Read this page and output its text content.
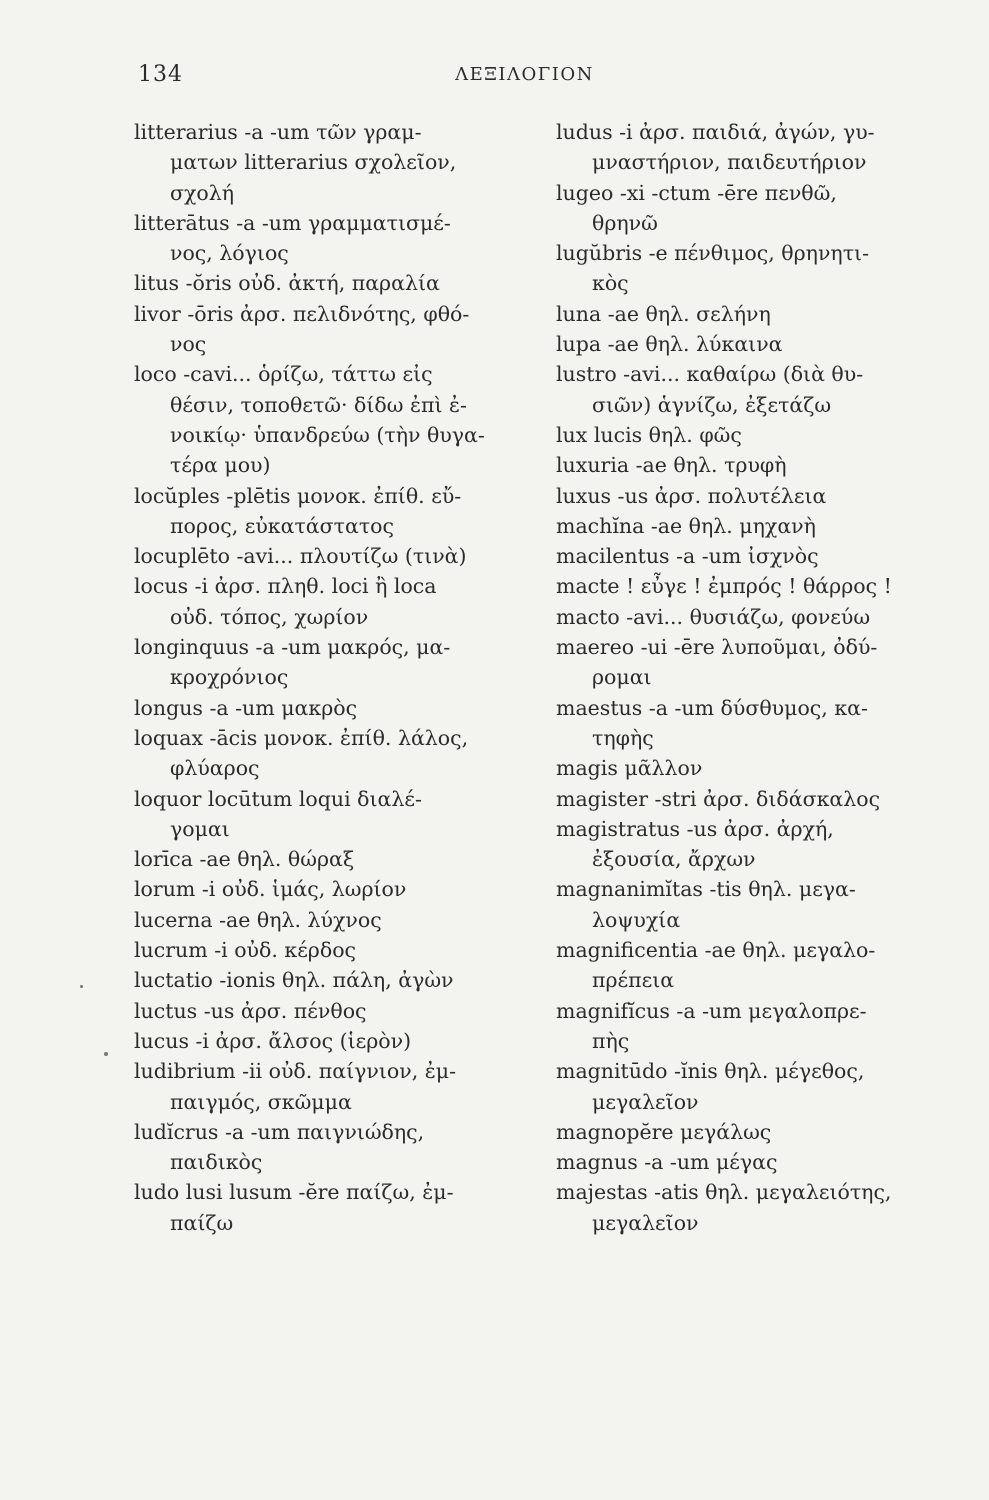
134	ΛΕΞΙΛΟΓΙΟΝ
litterarius -a -um τῶν γραμ-
ματων litterarius σχολεῖον,
σχολή
litterātus -a -um γραμματισμέ-
νος, λόγιος
litus -ŏris οὐδ. ἀκτή, παραλία
livor -ōris ἀρσ. πελιδνότης, φθό-
νος
loco -cavi... ὁρίζω, τάττω εἰς
θέσιν, τοποθετῶ· δίδω ἐπὶ ἐ-
νοικίῳ· ὑπανδρεύω (τὴν θυγα-
τέρα μου)
locŭples -plētis μονοκ. ἐπίθ. εὔ-
πορος, εὐκατάστατος
locuplēto -avi... πλουτίζω (τινὰ)
locus -i ἀρσ. πληθ. loci ἢ loca
οὐδ. τόπος, χωρίον
longinquus -a -um μακρός, μα-
κροχρόνιος
longus -a -um μακρὸς
loquax -ācis μονοκ. ἐπίθ. λάλος,
φλύαρος
loquor locūtum loqui διαλέ-
γομαι
lorīca -ae θηλ. θώραξ
lorum -i οὐδ. ἱμάς, λωρίον
lucerna -ae θηλ. λύχνος
lucrum -i οὐδ. κέρδος
luctatio -ionis θηλ. πάλη, ἀγὼν
luctus -us ἀρσ. πένθος
lucus -i ἀρσ. ἄλσος (ἱερὸν)
ludibrium -ii οὐδ. παίγνιον, ἐμ-
παιγμός, σκῶμμα
ludĭcrus -a -um παιγνιώδης,
παιδικὸς
ludo lusi lusum -ĕre παίζω, ἐμ-
παίζω
ludus -i ἀρσ. παιδιά, ἀγών, γυ-
μναστήριον, παιδευτήριον
lugeo -xi -ctum -ēre πενθῶ,
θρηνῶ
lugŭbris -e πένθιμος, θρηνητι-
κὸς
luna -ae θηλ. σελήνη
lupa -ae θηλ. λύκαινα
lustro -avi... καθαίρω (διὰ θυ-
σιῶν) ἁγνίζω, ἐξετάζω
lux lucis θηλ. φῶς
luxuria -ae θηλ. τρυφὴ
luxus -us ἀρσ. πολυτέλεια
machĭna -ae θηλ. μηχανὴ
macilentus -a -um ἰσχνὸς
macte ! εὖγε ! ἐμπρός ! θάρρος !
macto -avi... θυσιάζω, φονεύω
maereo -ui -ēre λυποῦμαι, ὀδύ-
ρομαι
maestus -a -um δύσθυμος, κα-
τηφὴς
magis μᾶλλον
magister -stri ἀρσ. διδάσκαλος
magistratus -us ἀρσ. ἀρχή,
ἐξουσία, ἄρχων
magnanimĭtas -tis θηλ. μεγα-
λοψυχία
magnificentia -ae θηλ. μεγαλο-
πρέπεια
magnifĭcus -a -um μεγαλοπρε-
πὴς
magnitūdo -ĭnis θηλ. μέγεθος,
μεγαλεῖον
magnopĕre μεγάλως
magnus -a -um μέγας
majestas -atis θηλ. μεγαλειότης,
μεγαλεῖον
